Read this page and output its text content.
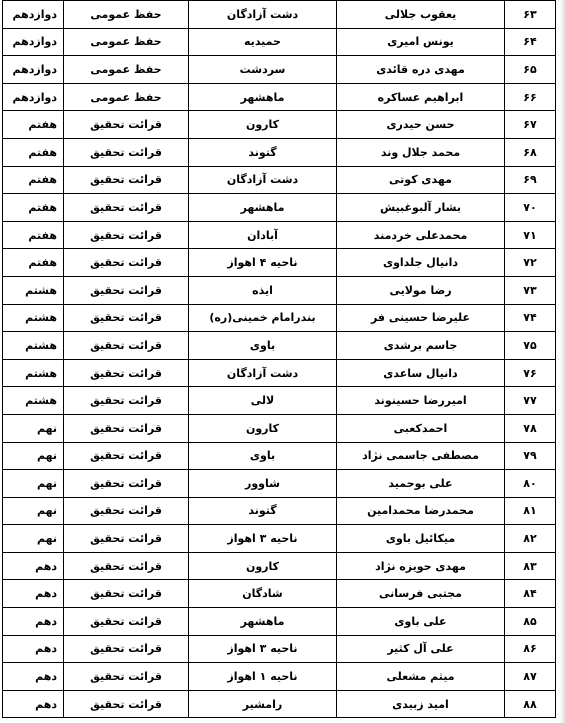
۶۳	یعقوب جلالی	دشت آزادگان	حفظ عمومی	دوازدهم
۶۴	یونس امیری	حمیدیه	حفظ عمومی	دوازدهم
۶۵	مهدی دره قائدی	سردشت	حفظ عمومی	دوازدهم
۶۶	ابراهیم عساکره	ماهشهر	حفظ عمومی	دوازدهم
۶۷	حسن حیدری	کارون	قرائت تحقیق	هفتم
۶۸	محمد جلال وند	گتوند	قرائت تحقیق	هفتم
۶۹	مهدی کوتی	دشت آزادگان	قرائت تحقیق	هفتم
۷۰	بشار آلبوغبیش	ماهشهر	قرائت تحقیق	هفتم
۷۱	محمدعلی خردمند	آبادان	قرائت تحقیق	هفتم
۷۲	دانیال جلداوی	ناحیه ۴ اهواز	قرائت تحقیق	هفتم
۷۳	رضا مولایی	ایذه	قرائت تحقیق	هشتم
۷۴	علیرضا حسینی فر	بندرامام خمینی(ره)	قرائت تحقیق	هشتم
۷۵	جاسم برشدی	باوی	قرائت تحقیق	هشتم
۷۶	دانیال ساعدی	دشت آزادگان	قرائت تحقیق	هشتم
۷۷	امیررضا حسینوند	لالی	قرائت تحقیق	هشتم
۷۸	احمدکعبی	کارون	قرائت تحقیق	نهم
۷۹	مصطفی جاسمی نژاد	باوی	قرائت تحقیق	نهم
۸۰	علی بوحمید	شاوور	قرائت تحقیق	نهم
۸۱	محمدرضا محمدامین	گتوند	قرائت تحقیق	نهم
۸۲	میکائیل باوی	ناحیه ۳ اهواز	قرائت تحقیق	نهم
۸۳	مهدی حویزه نژاد	کارون	قرائت تحقیق	دهم
۸۴	مجتبی فرسانی	شادگان	قرائت تحقیق	دهم
۸۵	علی باوی	ماهشهر	قرائت تحقیق	دهم
۸۶	علی آل کثیر	ناحیه ۳ اهواز	قرائت تحقیق	دهم
۸۷	میثم مشعلی	ناحیه ۱ اهواز	قرائت تحقیق	دهم
۸۸	امید زبیدی	رامشیر	قرائت تحقیق	دهم
